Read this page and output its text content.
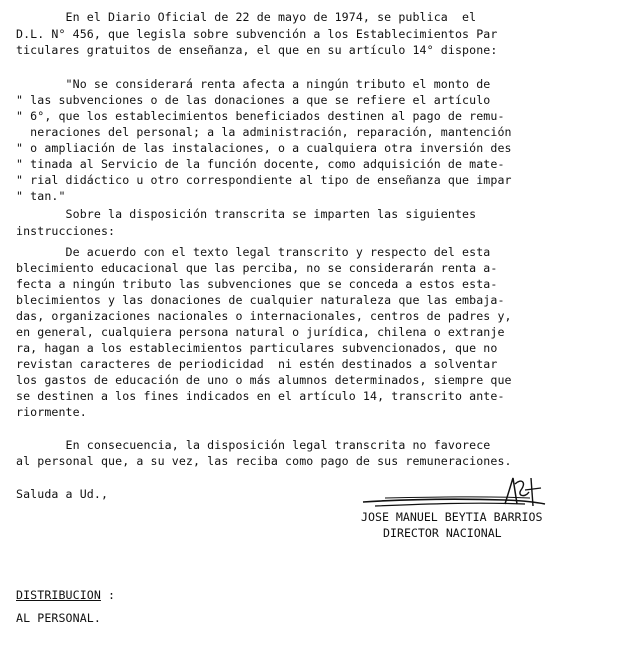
En el Diario Oficial de 22 de mayo de 1974, se publica  el
D.L. N° 456, que legisla sobre subvención a los Establecimientos Par
ticulares gratuitos de enseñanza, el que en su artículo 14° dispone:
"No se considerará renta afecta a ningún tributo el monto de
" las subvenciones o de las donaciones a que se refiere el artículo
" 6°, que los establecimientos beneficiados destinen al pago de remu-
neraciones del personal; a la administración, reparación, mantención
" o ampliación de las instalaciones, o a cualquiera otra inversión des
" tinada al Servicio de la función docente, como adquisición de mate-
" rial didáctico u otro correspondiente al tipo de enseñanza que impar
" tan."
Sobre la disposición transcrita se imparten las siguientes
instrucciones:
De acuerdo con el texto legal transcrito y respecto del esta
blecimiento educacional que las perciba, no se considerarán renta a-
fecta a ningún tributo las subvenciones que se conceda a estos esta-
blecimientos y las donaciones de cualquier naturaleza que las embaja-
das, organizaciones nacionales o internacionales, centros de padres y,
en general, cualquiera persona natural o jurídica, chilena o extranje
ra, hagan a los establecimientos particulares subvencionados, que no
revistan caracteres de periodicidad  ni estén destinados a solventar
los gastos de educación de uno o más alumnos determinados, siempre que
se destinen a los fines indicados en el artículo 14, transcrito ante-
riormente.
En consecuencia, la disposición legal transcrita no favorece
al personal que, a su vez, las reciba como pago de sus remuneraciones.
Saluda a Ud.,
JOSE MANUEL BEYTIA BARRIOS
DIRECTOR NACIONAL
DISTRIBUCION :
AL PERSONAL.
